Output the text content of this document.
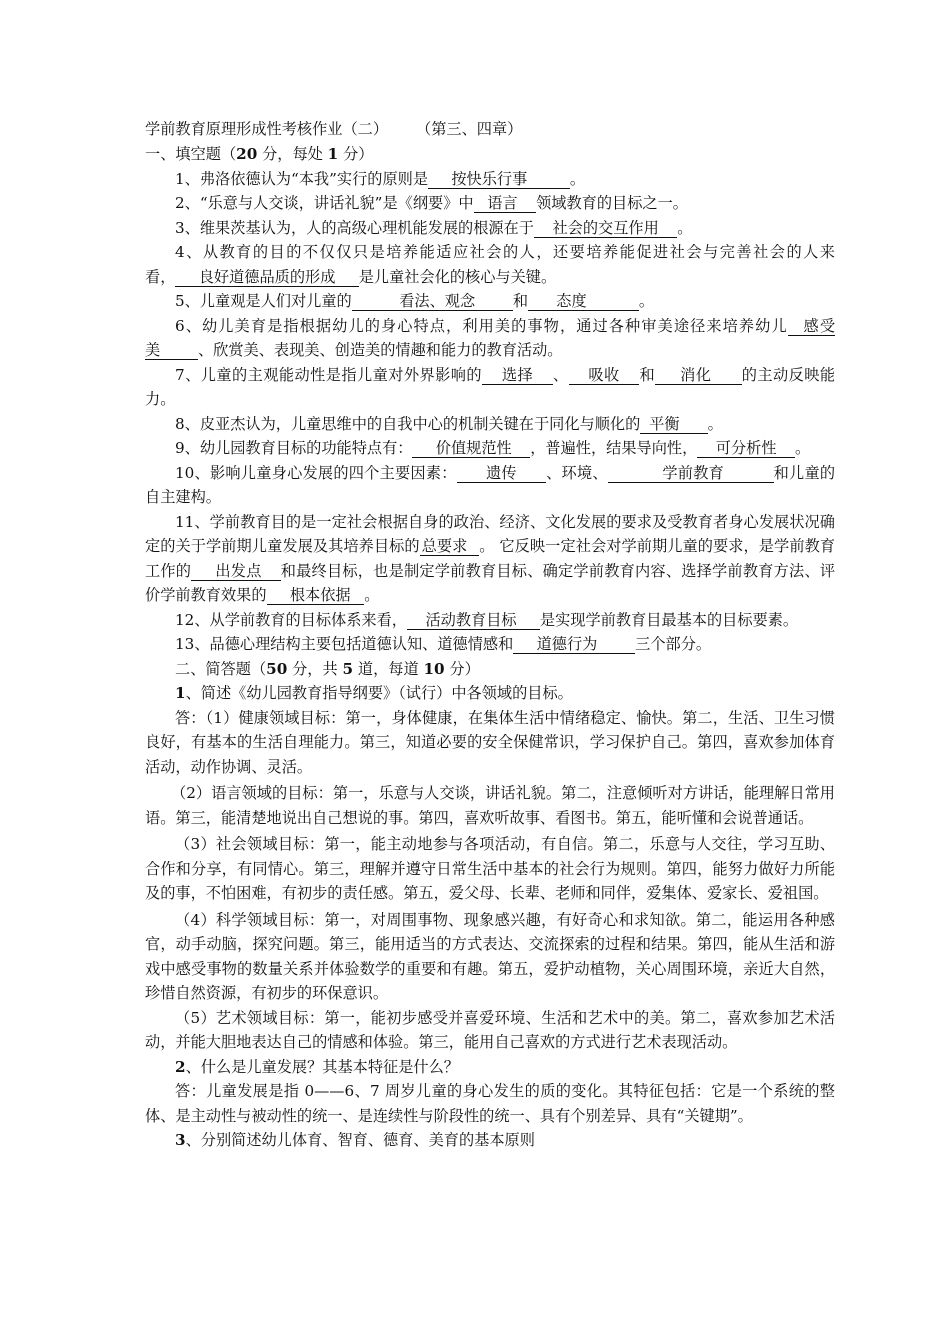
学前教育原理形成性考核作业（二） （第三、四章）
一、填空题（20 分，每处 1 分）
1、弗洛依德认为“本我”实行的原则是 按快乐行事	。
2、“乐意与人交谈，讲话礼貌”是《纲要》中 语言 领域教育的目标之一。
3、维果茨基认为，人的高级心理机能发展的根源在于 社会的交互作用 。
4、从教育的目的不仅仅只是培养能适应社会的人，还要培养能促进社会与完善社会的人来看， 良好道德品质的形成 是儿童社会化的核心与关键。
5、儿童观是人们对儿童的	看法、观念 和 态度	。
6、幼儿美育是指根据幼儿的身心特点，利用美的事物，通过各种审美途径来培养幼儿 感受美 、欣赏美、表现美、创造美的情趣和能力的教育活动。
7、儿童的主观能动性是指儿童对外界影响的 选择 、 吸收 和 消化 的主动反映能力。
8、皮亚杰认为，儿童思维中的自我中心的机制关键在于同化与顺化的 平衡 。
9、幼儿园教育目标的功能特点有： 价值规范性 ，普遍性，结果导向性， 可分析性 。
10、影响儿童身心发展的四个主要因素： 遗传 、环境、	学前教育	和儿童的自主建构。
11、学前教育目的是一定社会根据自身的政治、经济、文化发展的要求及受教育者身心发展状况确定的关于学前期儿童发展及其培养目标的 总要求 。 它反映一定社会对学前期儿童的要求，是学前教育工作的 出发点 和最终目标，也是制定学前教育目标、确定学前教育内容、选择学前教育方法、评价学前教育效果的 根本依据 。
12、从学前教育的目标体系来看， 活动教育目标 是实现学前教育目最基本的目标要素。
13、品德心理结构主要包括道德认知、道德情感和 道德行为 三个部分。
二、简答题（50 分，共 5 道，每道 10 分）
1、简述《幼儿园教育指导纲要》（试行）中各领域的目标。
答：（1）健康领域目标：第一，身体健康，在集体生活中情绪稳定、愉快。第二，生活、卫生习惯良好，有基本的生活自理能力。第三，知道必要的安全保健常识，学习保护自己。第四，喜欢参加体育活动，动作协调、灵活。
（2）语言领域的目标：第一，乐意与人交谈，讲话礼貌。第二，注意倾听对方讲话，能理解日常用语。第三，能清楚地说出自己想说的事。第四，喜欢听故事、看图书。第五，能听懂和会说普通话。
（3）社会领域目标：第一，能主动地参与各项活动，有自信。第二，乐意与人交往，学习互助、合作和分享，有同情心。第三，理解并遵守日常生活中基本的社会行为规则。第四，能努力做好力所能及的事，不怕困难，有初步的责任感。第五，爱父母、长辈、老师和同伴，爱集体、爱家长、爱祖国。
（4）科学领域目标：第一，对周围事物、现象感兴趣，有好奇心和求知欲。第二，能运用各种感官，动手动脑，探究问题。第三，能用适当的方式表达、交流探索的过程和结果。第四，能从生活和游戏中感受事物的数量关系并体验数学的重要和有趣。第五，爱护动植物，关心周围环境，亲近大自然，珍惜自然资源，有初步的环保意识。
（5）艺术领域目标：第一，能初步感受并喜爱环境、生活和艺术中的美。第二，喜欢参加艺术活动，并能大胆地表达自己的情感和体验。第三，能用自己喜欢的方式进行艺术表现活动。
2、什么是儿童发展？其基本特征是什么？
答：儿童发展是指 0——6、7 周岁儿童的身心发生的质的变化。其特征包括：它是一个系统的整体、是主动性与被动性的统一、是连续性与阶段性的统一、具有个别差异、具有“关键期”。
3、分别简述幼儿体育、智育、德育、美育的基本原则
